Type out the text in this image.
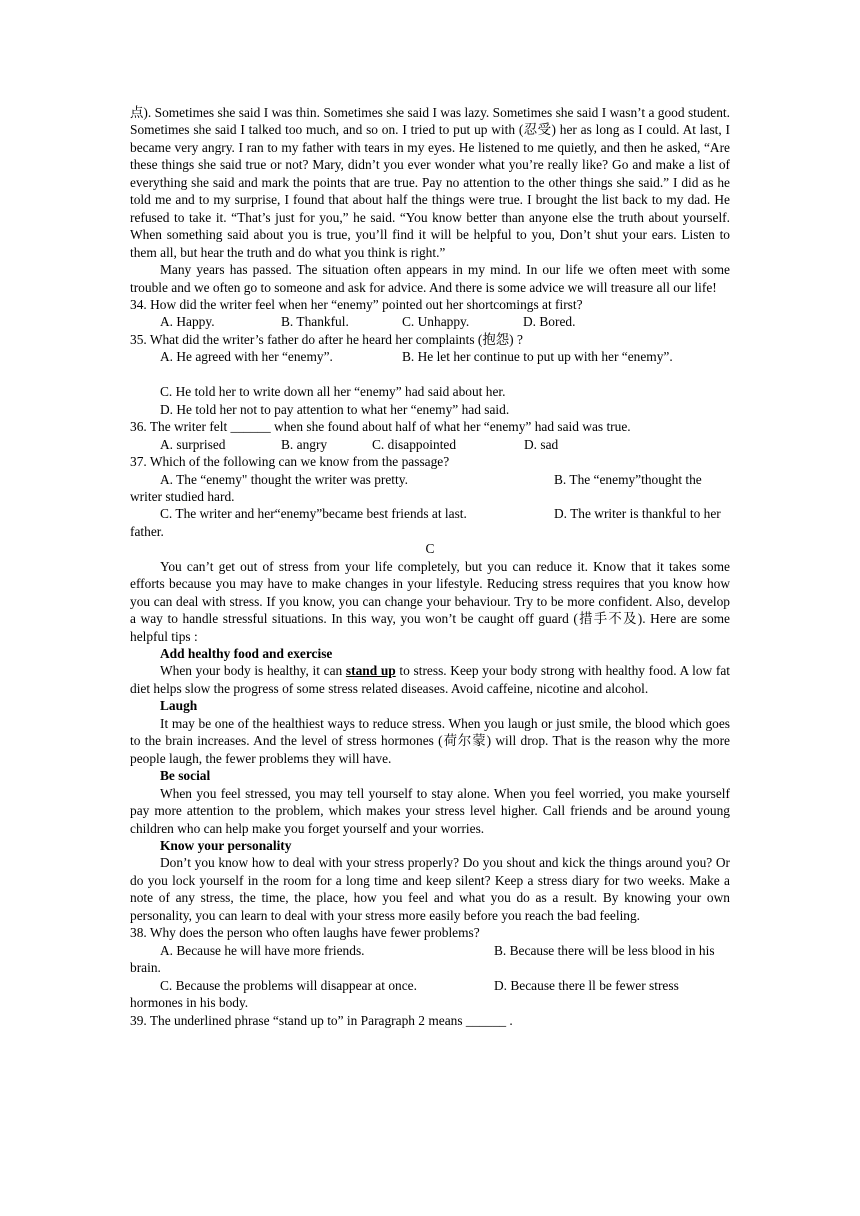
点). Sometimes she said I was thin. Sometimes she said I was lazy. Sometimes she said I wasn’t a good student. Sometimes she said I talked too much, and so on. I tried to put up with (忍受) her as long as I could. At last, I became very angry. I ran to my father with tears in my eyes. He listened to me quietly, and then he asked, “Are these things she said true or not? Mary, didn’t you ever wonder what you’re really like? Go and make a list of everything she said and mark the points that are true. Pay no attention to the other things she said.” I did as he told me and to my surprise, I found that about half the things were true. I brought the list back to my dad. He refused to take it. “That’s just for you,” he said. “You know better than anyone else the truth about yourself. When something said about you is true, you’ll find it will be helpful to you, Don’t shut your ears. Listen to them all, but hear the truth and do what you think is right.”

Many years has passed. The situation often appears in my mind. In our life we often meet with some trouble and we often go to someone and ask for advice. And there is some advice we will treasure all our life!

34. How did the writer feel when her “enemy” pointed out her shortcomings at first?

A. Happy.	B. Thankful.	C. Unhappy.	D. Bored.

35. What did the writer’s father do after he heard her complaints (抱怨) ?

A. He agreed with her “enemy”.	B. He let her continue to put up with her “enemy”.

C. He told her to write down all her “enemy” had said about her.

D. He told her not to pay attention to what her “enemy” had said.

36. The writer felt ______ when she found about half of what her “enemy” had said was true.

A. surprised	B. angry	C. disappointed	D. sad

37. Which of the following can we know from the passage?

A. The “enemy" thought the writer was pretty.	B. The “enemy”thought the writer studied hard.

C. The writer and her“enemy”became best friends at last.	D. The writer is thankful to her father.

C

You can’t get out of stress from your life completely, but you can reduce it. Know that it takes some efforts because you may have to make changes in your lifestyle. Reducing stress requires that you know how you can deal with stress. If you know, you can change your behaviour. Try to be more confident. Also, develop a way to handle stressful situations. In this way, you won’t be caught off guard (措手不及). Here are some helpful tips :

Add healthy food and exercise

When your body is healthy, it can stand up to stress. Keep your body strong with healthy food. A low fat diet helps slow the progress of some stress related diseases. Avoid caffeine, nicotine and alcohol.

Laugh

It may be one of the healthiest ways to reduce stress. When you laugh or just smile, the blood which goes to the brain increases. And the level of stress hormones (荷尔蒙) will drop. That is the reason why the more people laugh, the fewer problems they will have.

Be social

When you feel stressed, you may tell yourself to stay alone. When you feel worried, you make yourself pay more attention to the problem, which makes your stress level higher. Call friends and be around young children who can help make you forget yourself and your worries.

Know your personality

Don’t you know how to deal with your stress properly? Do you shout and kick the things around you? Or do you lock yourself in the room for a long time and keep silent? Keep a stress diary for two weeks. Make a note of any stress, the time, the place, how you feel and what you do as a result. By knowing your own personality, you can learn to deal with your stress more easily before you reach the bad feeling.

38. Why does the person who often laughs have fewer problems?

A. Because he will have more friends.	B. Because there will be less blood in his brain.

C. Because the problems will disappear at once.	D. Because there ll be fewer stress hormones in his body.

39. The underlined phrase “stand up to” in Paragraph 2 means ______ .
